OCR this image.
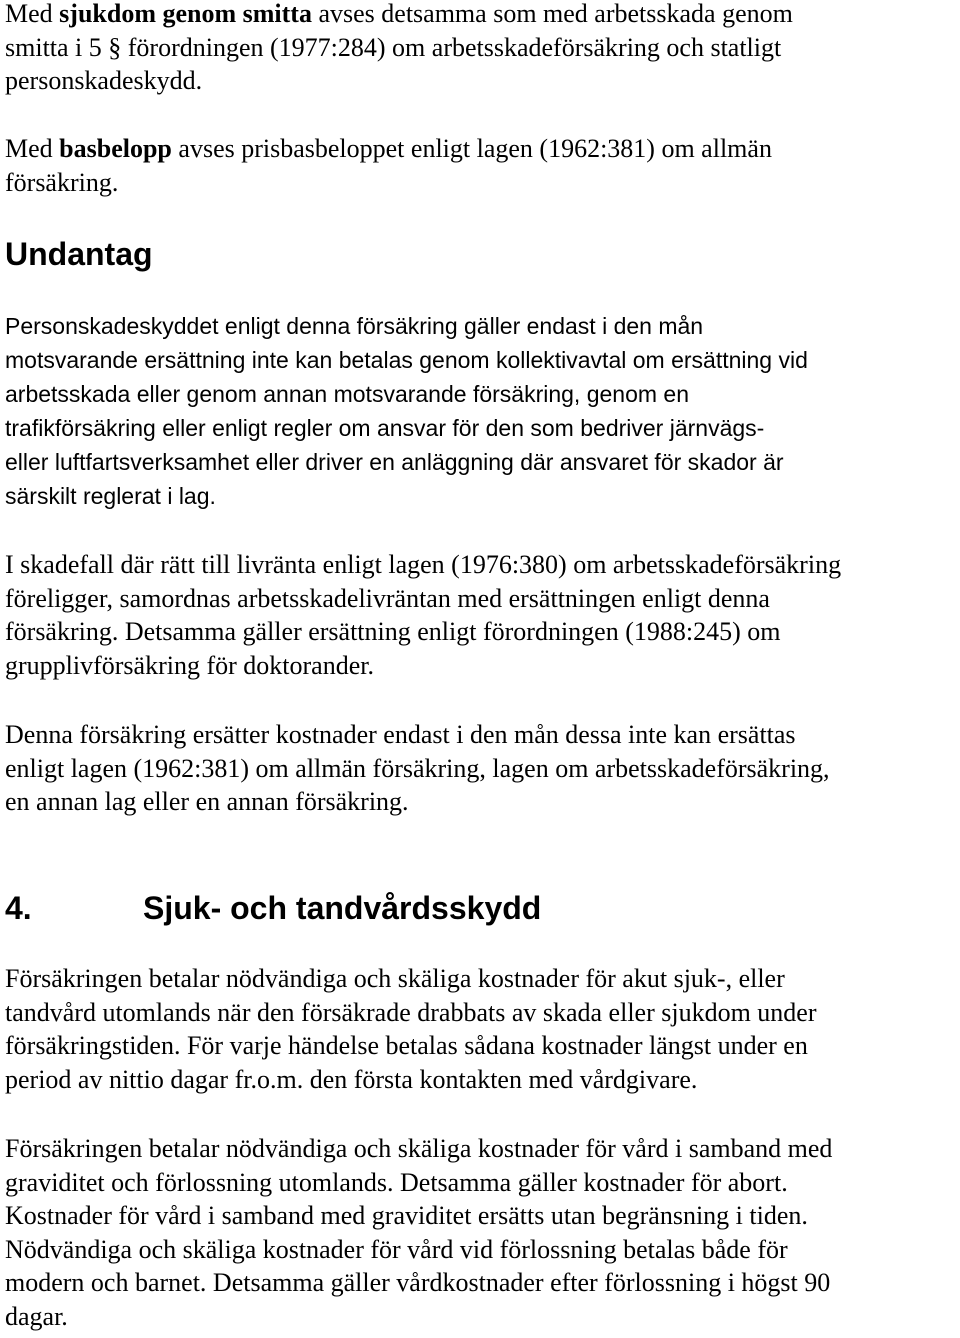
Med sjukdom genom smitta avses detsamma som med arbetsskada genom
smitta i 5 § förordningen (1977:284) om arbetsskadeförsäkring och statligt
personskadeskydd.

Med basbelopp avses prisbasbeloppet enligt lagen (1962:381) om allmän
försäkring.

Undantag
Personskadeskyddet enligt denna försäkring gäller endast i den mån
motsvarande ersättning inte kan betalas genom kollektivavtal om ersättning vid
arbetsskada eller genom annan motsvarande försäkring, genom en
trafikförsäkring eller enligt regler om ansvar för den som bedriver järnvägs-
eller luftfartsverksamhet eller driver en anläggning där ansvaret för skador är
särskilt reglerat i lag.

I skadefall där rätt till livränta enligt lagen (1976:380) om arbetsskadeförsäkring
föreligger, samordnas arbetsskadelivräntan med ersättningen enligt denna
försäkring. Detsamma gäller ersättning enligt förordningen (1988:245) om
grupplivförsäkring för doktorander.

Denna försäkring ersätter kostnader endast i den mån dessa inte kan ersättas
enligt lagen (1962:381) om allmän försäkring, lagen om arbetsskadeförsäkring,
en annan lag eller en annan försäkring.

4.	Sjuk- och tandvårdsskydd

Försäkringen betalar nödvändiga och skäliga kostnader för akut sjuk-, eller
tandvård utomlands när den försäkrade drabbats av skada eller sjukdom under
försäkringstiden. För varje händelse betalas sådana kostnader längst under en
period av nittio dagar fr.o.m. den första kontakten med vårdgivare.

Försäkringen betalar nödvändiga och skäliga kostnader för vård i samband med
graviditet och förlossning utomlands. Detsamma gäller kostnader för abort.
Kostnader för vård i samband med graviditet ersätts utan begränsning i tiden.
Nödvändiga och skäliga kostnader för vård vid förlossning betalas både för
modern och barnet. Detsamma gäller vårdkostnader efter förlossning i högst 90
dagar.
